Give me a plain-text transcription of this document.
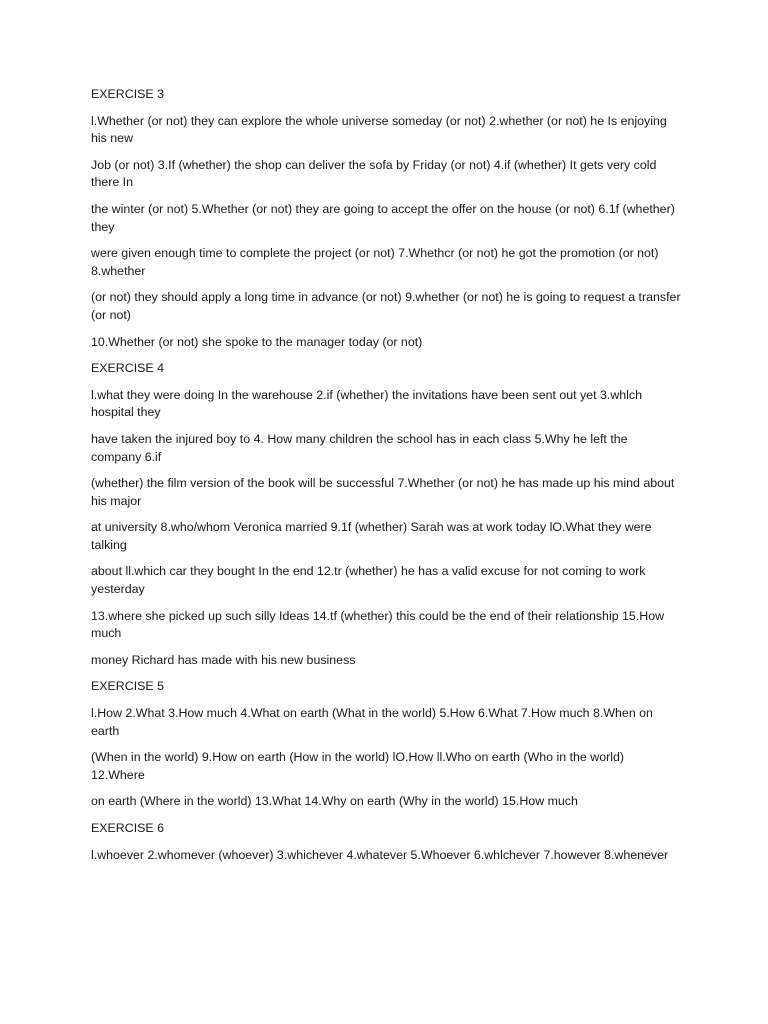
EXERCISE 3

l.Whether (or not) they can explore the whole universe someday (or not) 2.whether (or not) he Is enjoying his new

Job (or not) 3.If (whether) the shop can deliver the sofa by Friday (or not) 4.if (whether) It gets very cold there In

the winter (or not) 5.Whether (or not) they are going to accept the offer on the house (or not) 6.1f (whether) they

were given enough time to complete the project (or not) 7.Whethcr (or not) he got the promotion (or not) 8.whether

(or not) they should apply a long time in advance (or not) 9.whether (or not) he is going to request a transfer (or not)

10.Whether (or not) she spoke to the manager today (or not)

EXERCISE 4

l.what they were doing In the warehouse 2.if (whether) the invitations have been sent out yet 3.whlch hospital they

have taken the injured boy to 4. How many children the school has in each class 5.Why he left the company 6.if

(whether) the film version of the book will be successful 7.Whether (or not) he has made up his mind about his major

at university 8.who/whom Veronica married 9.1f (whether) Sarah was at work today lO.What they were talking

about ll.which car they bought In the end 12.tr (whether) he has a valid excuse for not coming to work yesterday

13.where she picked up such silly Ideas 14.tf (whether) this could be the end of their relationship 15.How much

money Richard has made with his new business

EXERCISE 5

l.How 2.What 3.How much 4.What on earth (What in the world) 5.How 6.What 7.How much 8.When on earth

(When in the world) 9.How on earth (How in the world) lO.How ll.Who on earth (Who in the world) 12.Where

on earth (Where in the world) 13.What 14.Why on earth (Why in the world) 15.How much

EXERCISE 6

l.whoever 2.whomever (whoever) 3.whichever 4.whatever 5.Whoever 6.whlchever 7.however 8.whenever
